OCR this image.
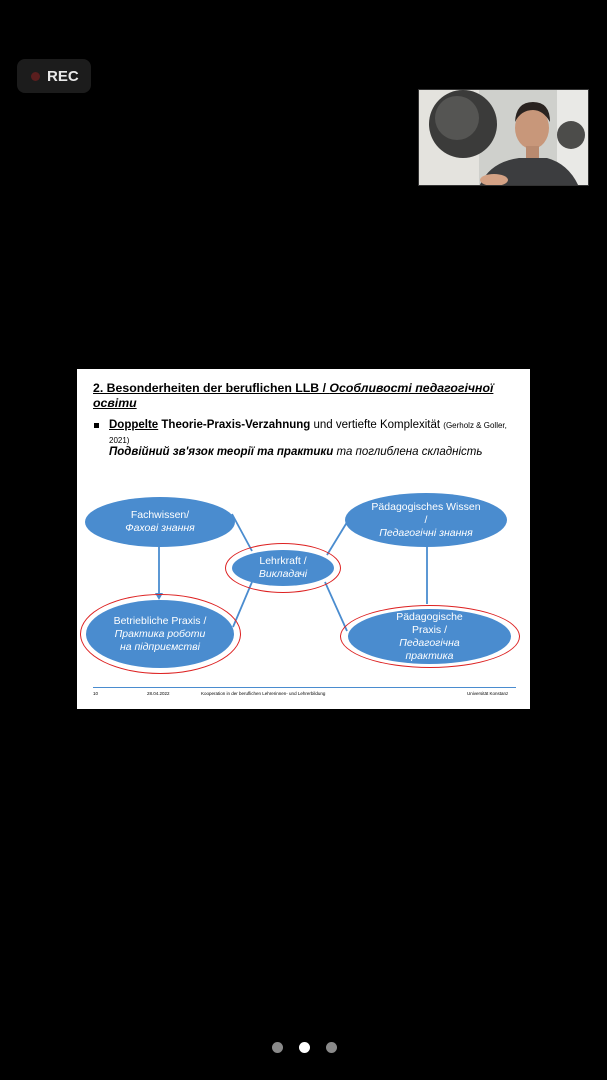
REC
2. Besonderheiten der beruflichen LLB / Особливості педагогічної освіти
Doppelte Theorie-Praxis-Verzahnung und vertiefte Komplexität (Gerholz & Goller, 2021)
Подвійний зв'язок теорії та практики та поглиблена складність
Fachwissen/
Фахові знання
Pädagogisches Wissen /
Педагогічні знання
Lehrkraft /
Викладачі
Betriebliche Praxis /
Практика роботи на підприємстві
Pädagogische Praxis /
Педагогічна практика
10	28.04.2022	Kooperation in der beruflichen Lehrerinnen- und Lehrerbildung	Universität Konstanz
